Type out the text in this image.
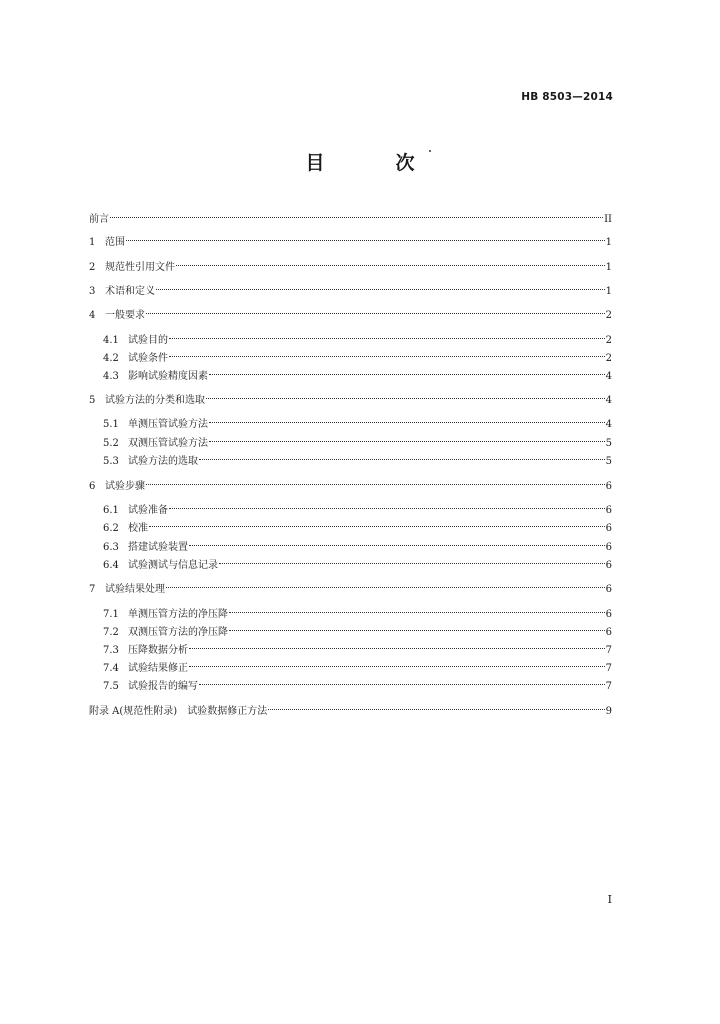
HB 8503—2014
目　次
前言	II
1 范围	1
2 规范性引用文件	1
3 术语和定义	1
4 一般要求	2
4.1 试验目的	2
4.2 试验条件	2
4.3 影响试验精度因素	4
5 试验方法的分类和选取	4
5.1 单测压管试验方法	4
5.2 双测压管试验方法	5
5.3 试验方法的选取	5
6 试验步骤	6
6.1 试验准备	6
6.2 校准	6
6.3 搭建试验装置	6
6.4 试验测试与信息记录	6
7 试验结果处理	6
7.1 单测压管方法的净压降	6
7.2 双测压管方法的净压降	6
7.3 压降数据分析	7
7.4 试验结果修正	7
7.5 试验报告的编写	7
附录 A(规范性附录)　试验数据修正方法	9
I
